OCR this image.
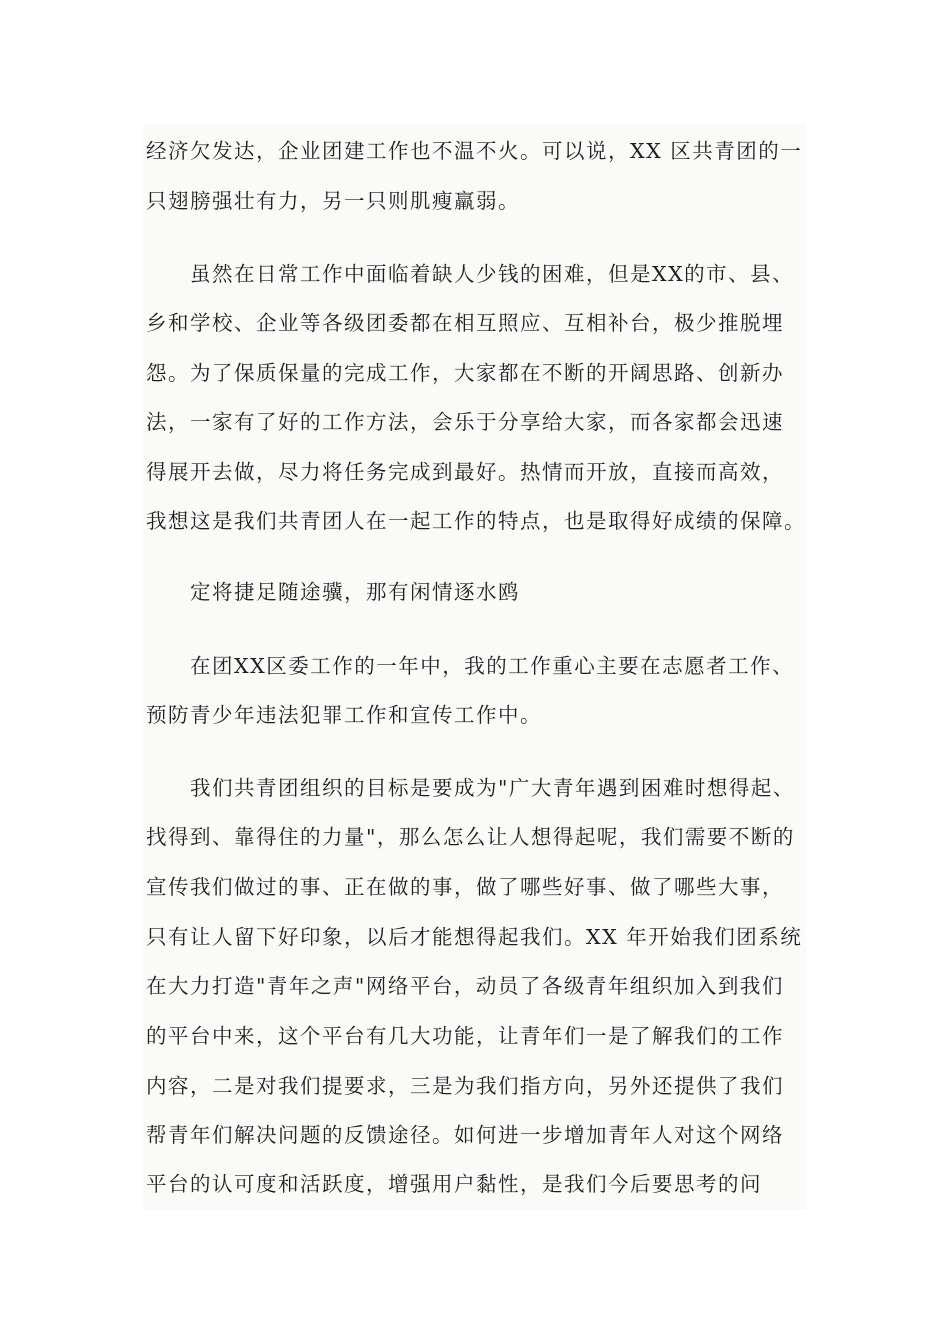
经济欠发达，企业团建工作也不温不火。可以说，XX 区共青团的一
只翅膀强壮有力，另一只则肌瘦羸弱。
虽然在日常工作中面临着缺人少钱的困难，但是XX的市、县、
乡和学校、企业等各级团委都在相互照应、互相补台，极少推脱埋
怨。为了保质保量的完成工作，大家都在不断的开阔思路、创新办
法，一家有了好的工作方法，会乐于分享给大家，而各家都会迅速
得展开去做，尽力将任务完成到最好。热情而开放，直接而高效，
我想这是我们共青团人在一起工作的特点，也是取得好成绩的保障。
定将捷足随途骥，那有闲情逐水鸥
在团XX区委工作的一年中，我的工作重心主要在志愿者工作、
预防青少年违法犯罪工作和宣传工作中。
我们共青团组织的目标是要成为"广大青年遇到困难时想得起、
找得到、靠得住的力量"，那么怎么让人想得起呢，我们需要不断的
宣传我们做过的事、正在做的事，做了哪些好事、做了哪些大事，
只有让人留下好印象，以后才能想得起我们。XX 年开始我们团系统
在大力打造"青年之声"网络平台，动员了各级青年组织加入到我们
的平台中来，这个平台有几大功能，让青年们一是了解我们的工作
内容，二是对我们提要求，三是为我们指方向，另外还提供了我们
帮青年们解决问题的反馈途径。如何进一步增加青年人对这个网络
平台的认可度和活跃度，增强用户黏性，是我们今后要思考的问
